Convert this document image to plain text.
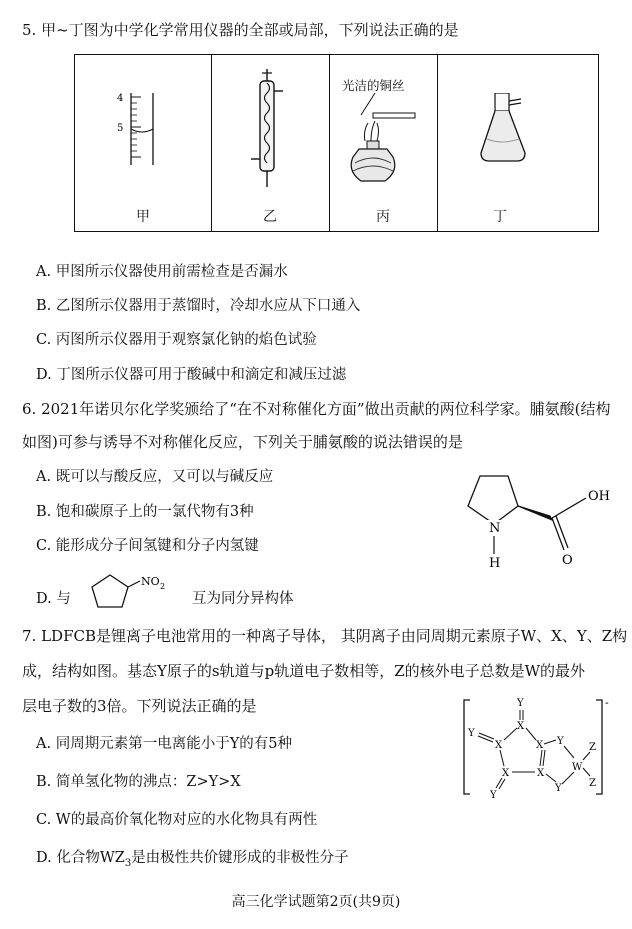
5. 甲~丁图为中学化学常用仪器的全部或局部，下列说法正确的是
4
5
光洁的铜丝
甲	乙	丙	丁
A. 甲图所示仪器使用前需检查是否漏水
B. 乙图所示仪器用于蒸馏时，冷却水应从下口通入
C. 丙图所示仪器用于观察氯化钠的焰色试验
D. 丁图所示仪器可用于酸碱中和滴定和减压过滤
6. 2021年诺贝尔化学奖颁给了“在不对称催化方面”做出贡献的两位科学家。脯氨酸(结构
如图)可参与诱导不对称催化反应，下列关于脯氨酸的说法错误的是
A. 既可以与酸反应，又可以与碱反应
B. 饱和碳原子上的一氯代物有3种
C. 能形成分子间氢键和分子内氢键
OH
O
N
H
D. 与
NO 2
互为同分异构体
7. LDFCB是锂离子电池常用的一种离子导体， 其阴离子由同周期元素原子W、X、Y、Z构
成，结构如图。基态Y原子的s轨道与p轨道电子数相等，Z的核外电子总数是W的最外
层电子数的3倍。下列说法正确的是
A. 同周期元素第一电离能小于Y的有5种
B. 简单氢化物的沸点：Z>Y>X
C. W的最高价氧化物对应的水化物具有两性
D. 化合物$WZ_3$是由极性共价键形成的非极性分子
-
Y
X
X	X
Y
X	X
Y
Y
Y
W
Z
Z
高三化学试题第2页(共9页)
